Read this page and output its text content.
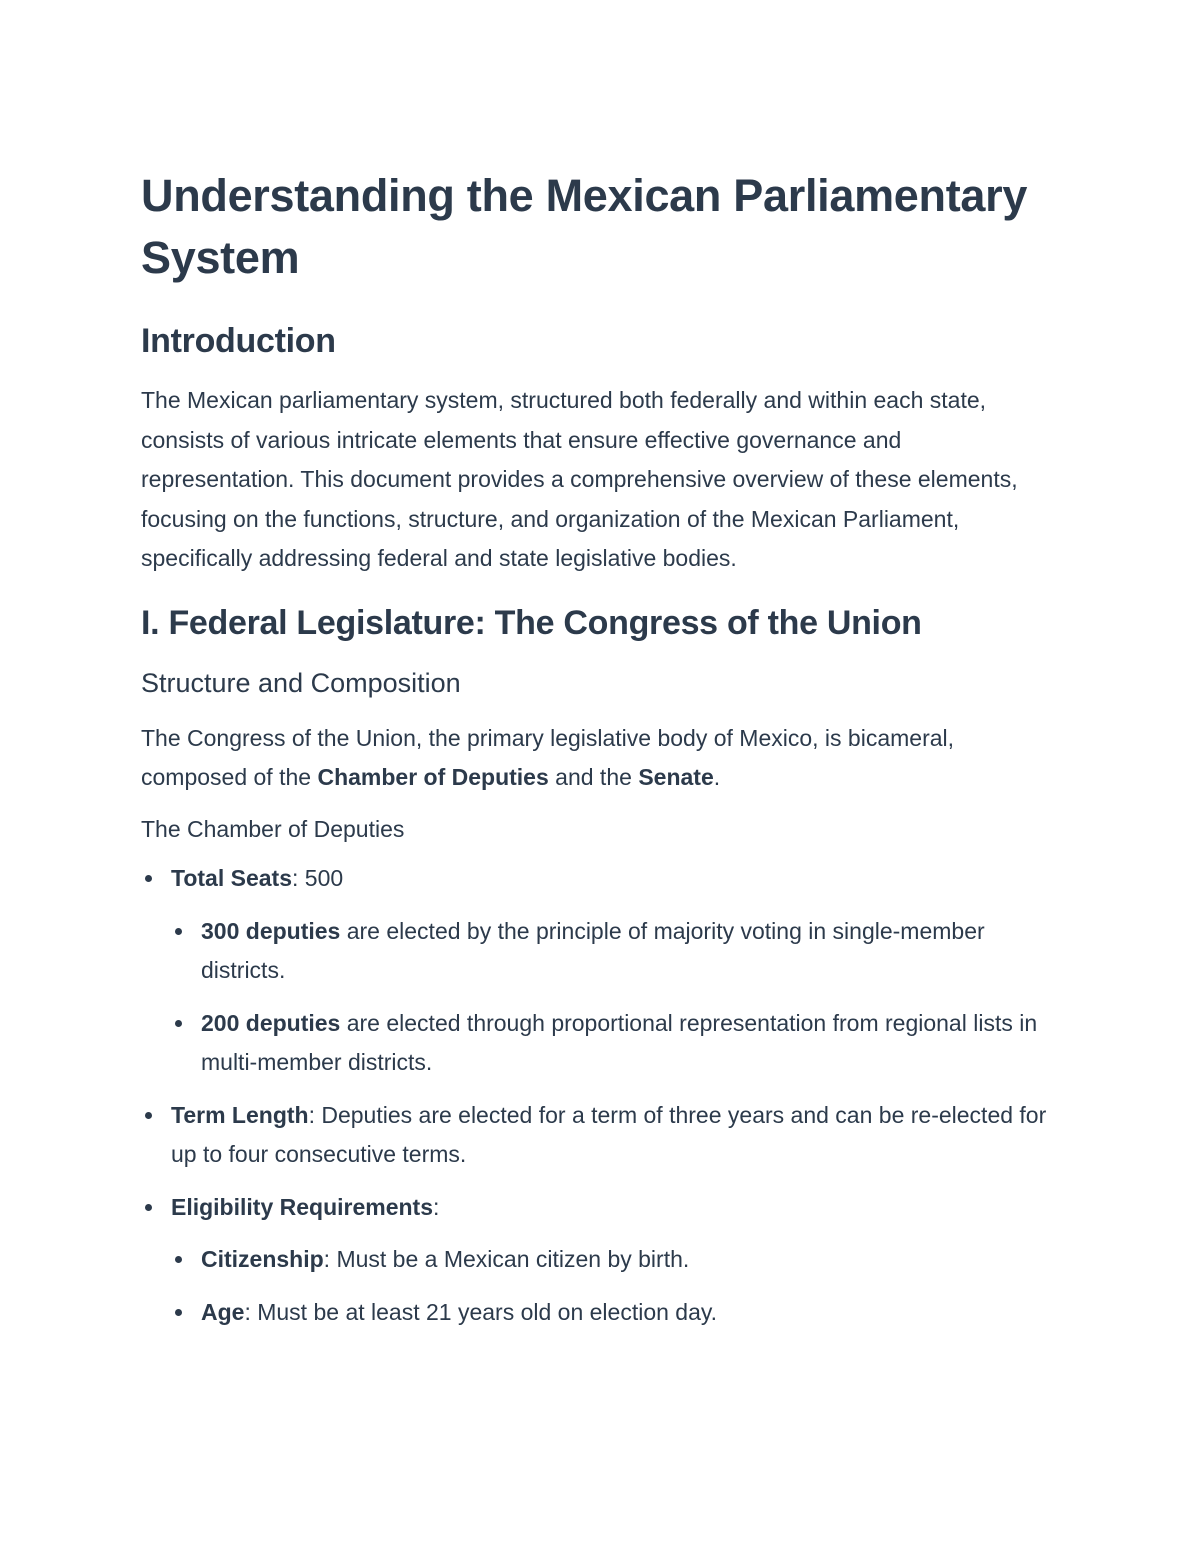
Understanding the Mexican Parliamentary System
Introduction

The Mexican parliamentary system, structured both federally and within each state, consists of various intricate elements that ensure effective governance and representation. This document provides a comprehensive overview of these elements, focusing on the functions, structure, and organization of the Mexican Parliament, specifically addressing federal and state legislative bodies.

I. Federal Legislature: The Congress of the Union
Structure and Composition

The Congress of the Union, the primary legislative body of Mexico, is bicameral, composed of the Chamber of Deputies and the Senate.

The Chamber of Deputies

Total Seats: 500
300 deputies are elected by the principle of majority voting in single-member districts.
200 deputies are elected through proportional representation from regional lists in multi-member districts.
Term Length: Deputies are elected for a term of three years and can be re-elected for up to four consecutive terms.
Eligibility Requirements:
Citizenship: Must be a Mexican citizen by birth.
Age: Must be at least 21 years old on election day.
